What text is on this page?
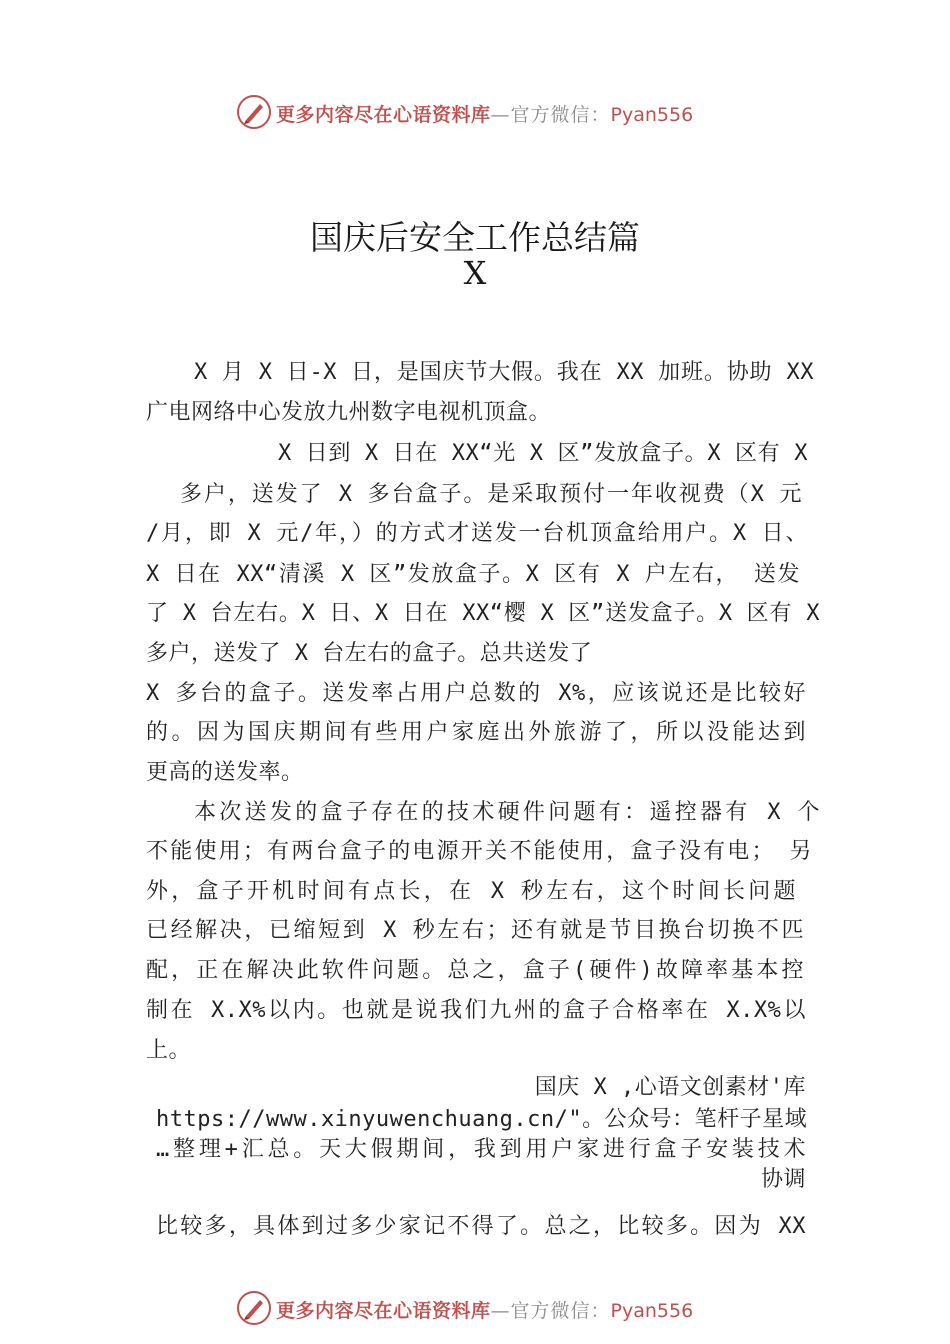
更多内容尽在心语资料库—官方微信：Pyan556
国庆后安全工作总结篇
X
X 月 X 日-X 日，是国庆节大假。我在 XX 加班。协助 XX
广电网络中心发放九州数字电视机顶盒。
X 日到 X 日在 XX“光 X 区”发放盒子。X 区有 X
多户，送发了 X 多台盒子。是采取预付一年收视费（X 元
/月，即 X 元/年，）的方式才送发一台机顶盒给用户。X 日、
X 日在 XX“清溪 X 区”发放盒子。X 区有 X 户左右， 送发
了 X 台左右。X 日、X 日在 XX“樱 X 区”送发盒子。X 区有 X
多户，送发了 X 台左右的盒子。总共送发了
X 多台的盒子。送发率占用户总数的 X%，应该说还是比较好
的。因为国庆期间有些用户家庭出外旅游了，所以没能达到
更高的送发率。
本次送发的盒子存在的技术硬件问题有：遥控器有 X 个
不能使用；有两台盒子的电源开关不能使用，盒子没有电； 另
外，盒子开机时间有点长，在 X 秒左右，这个时间长问题
已经解决，已缩短到 X 秒左右；还有就是节目换台切换不匹
配，正在解决此软件问题。总之，盒子(硬件)故障率基本控
制在 X.X%以内。也就是说我们九州的盒子合格率在 X.X%以
上。
国庆 X ,心语文创素材'库
https://www.xinyuwenchuang.cn/"。公众号：笔杆子星域
…整理+汇总。天大假期间，我到用户家进行盒子安装技术
协调
比较多，具体到过多少家记不得了。总之，比较多。因为 XX
更多内容尽在心语资料库—官方微信：Pyan556
